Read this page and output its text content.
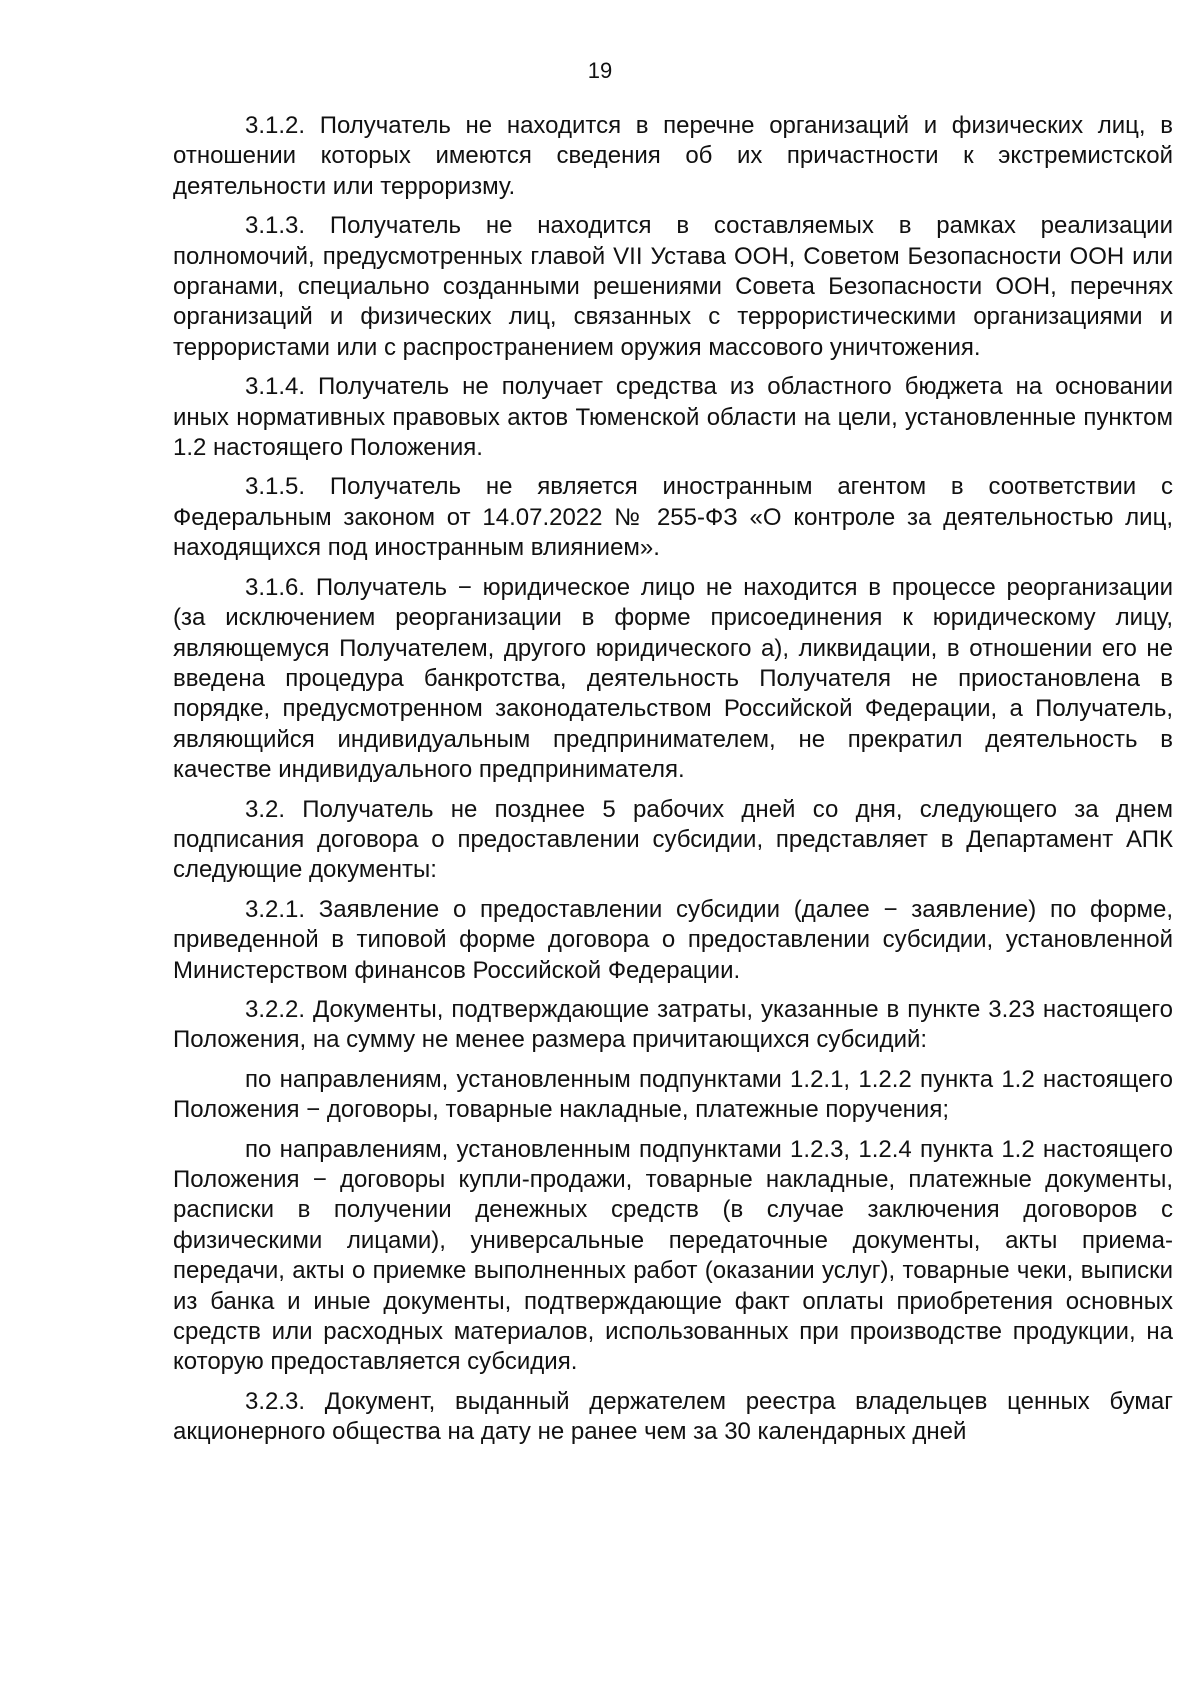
19

3.1.2. Получатель не находится в перечне организаций и физических лиц, в отношении которых имеются сведения об их причастности к экстремистской деятельности или терроризму.

3.1.3. Получатель не находится в составляемых в рамках реализации полномочий, предусмотренных главой VII Устава ООН, Советом Безопасности ООН или органами, специально созданными решениями Совета Безопасности ООН, перечнях организаций и физических лиц, связанных с террористическими организациями и террористами или с распространением оружия массового уничтожения.

3.1.4. Получатель не получает средства из областного бюджета на основании иных нормативных правовых актов Тюменской области на цели, установленные пунктом 1.2 настоящего Положения.

3.1.5. Получатель не является иностранным агентом в соответствии с Федеральным законом от 14.07.2022 № 255-ФЗ «О контроле за деятельностью лиц, находящихся под иностранным влиянием».

3.1.6. Получатель − юридическое лицо не находится в процессе реорганизации (за исключением реорганизации в форме присоединения к юридическому лицу, являющемуся Получателем, другого юридического а), ликвидации, в отношении его не введена процедура банкротства, деятельность Получателя не приостановлена в порядке, предусмотренном законодательством Российской Федерации, а Получатель, являющийся индивидуальным предпринимателем, не прекратил деятельность в качестве индивидуального предпринимателя.

3.2. Получатель не позднее 5 рабочих дней со дня, следующего за днем подписания договора о предоставлении субсидии, представляет в Департамент АПК следующие документы:

3.2.1. Заявление о предоставлении субсидии (далее − заявление) по форме, приведенной в типовой форме договора о предоставлении субсидии, установленной Министерством финансов Российской Федерации.

3.2.2. Документы, подтверждающие затраты, указанные в пункте 3.23 настоящего Положения, на сумму не менее размера причитающихся субсидий:

по направлениям, установленным подпунктами 1.2.1, 1.2.2 пункта 1.2 настоящего Положения − договоры, товарные накладные, платежные поручения;

по направлениям, установленным подпунктами 1.2.3, 1.2.4 пункта 1.2 настоящего Положения − договоры купли-продажи, товарные накладные, платежные документы, расписки в получении денежных средств (в случае заключения договоров с физическими лицами), универсальные передаточные документы, акты приема-передачи, акты о приемке выполненных работ (оказании услуг), товарные чеки, выписки из банка и иные документы, подтверждающие факт оплаты приобретения основных средств или расходных материалов, использованных при производстве продукции, на которую предоставляется субсидия.

3.2.3. Документ, выданный держателем реестра владельцев ценных бумаг акционерного общества на дату не ранее чем за 30 календарных дней
